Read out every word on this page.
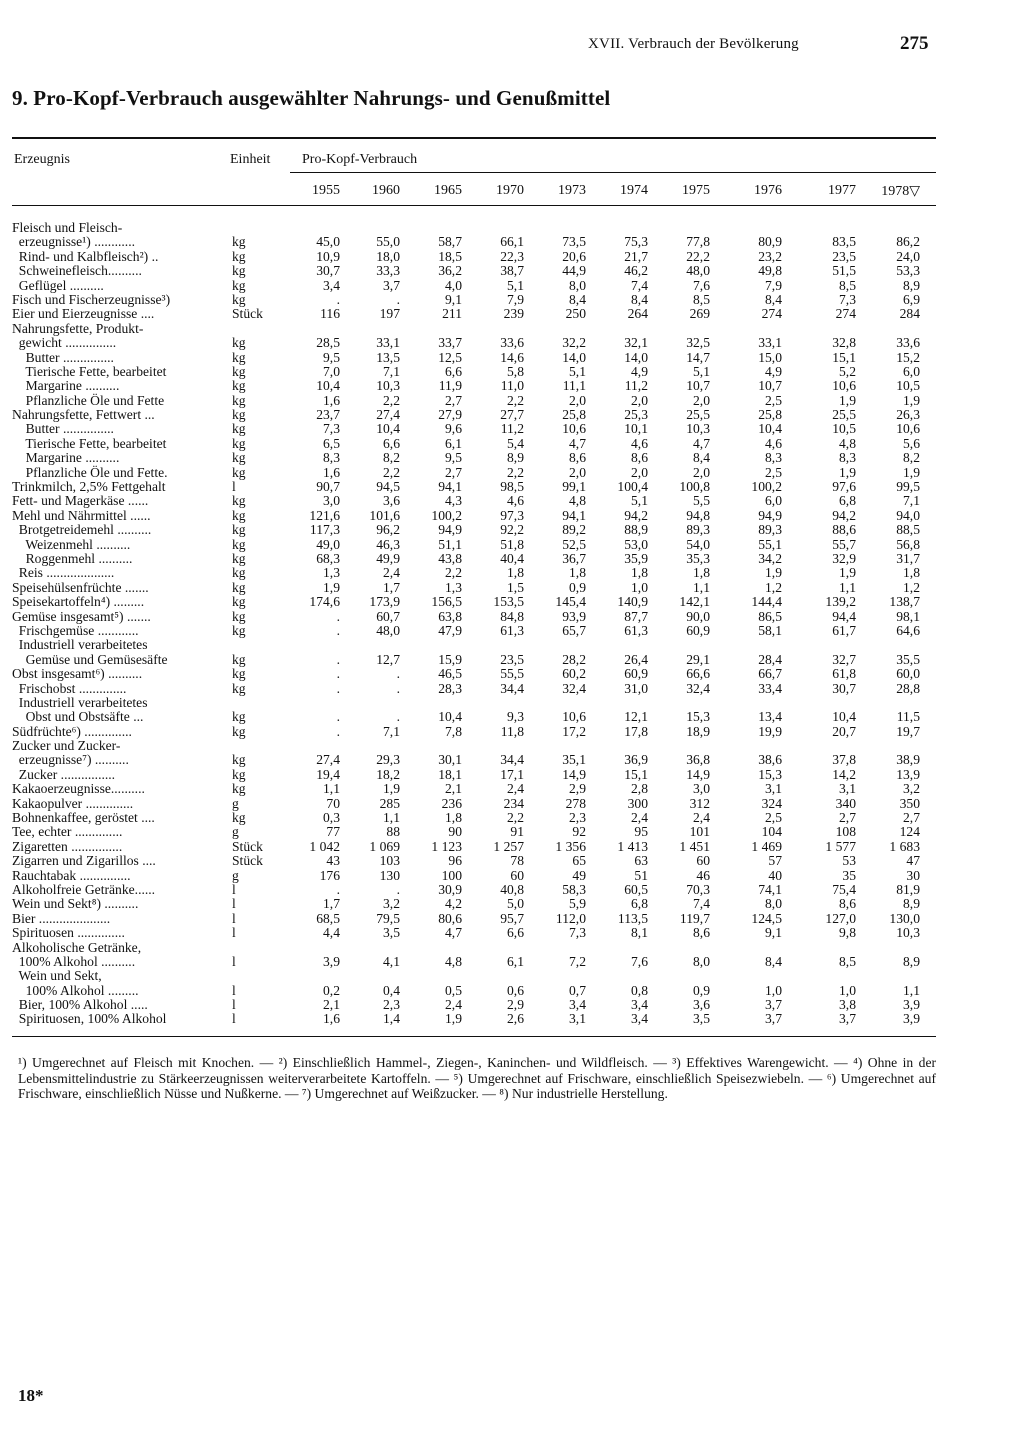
XVII. Verbrauch der Bevölkerung	275
9. Pro-Kopf-Verbrauch ausgewählter Nahrungs- und Genußmittel
Erzeugnis	Einheit Pro-Kopf-Verbrauch
1955	1960	1965	1970	1973	1974	1975	1976	1977 1978▽
Fleisch und Fleisch-
erzeugnisse¹) ............	kg	45,0	55,0	58,7	66,1	73,5	75,3	77,8	80,9	83,5	86,2
Rind- und Kalbfleisch²) ..	kg	10,9	18,0	18,5	22,3	20,6	21,7	22,2	23,2	23,5	24,0
Schweinefleisch..........	kg	30,7	33,3	36,2	38,7	44,9	46,2	48,0	49,8	51,5	53,3
Geflügel ..........	kg	3,4	3,7	4,0	5,1	8,0	7,4	7,6	7,9	8,5	8,9
Fisch und Fischerzeugnisse³)	kg	.	.	9,1	7,9	8,4	8,4	8,5	8,4	7,3	6,9
Eier und Eierzeugnisse ....	Stück	116	197	211	239	250	264	269	274	274	284
Nahrungsfette, Produkt-
gewicht ...............	kg	28,5	33,1	33,7	33,6	32,2	32,1	32,5	33,1	32,8	33,6
Butter ...............	kg	9,5	13,5	12,5	14,6	14,0	14,0	14,7	15,0	15,1	15,2
Tierische Fette, bearbeitet	kg	7,0	7,1	6,6	5,8	5,1	4,9	5,1	4,9	5,2	6,0
Margarine ..........	kg	10,4	10,3	11,9	11,0	11,1	11,2	10,7	10,7	10,6	10,5
Pflanzliche Öle und Fette	kg	1,6	2,2	2,7	2,2	2,0	2,0	2,0	2,5	1,9	1,9
Nahrungsfette, Fettwert ...	kg	23,7	27,4	27,9	27,7	25,8	25,3	25,5	25,8	25,5	26,3
Butter ...............	kg	7,3	10,4	9,6	11,2	10,6	10,1	10,3	10,4	10,5	10,6
Tierische Fette, bearbeitet	kg	6,5	6,6	6,1	5,4	4,7	4,6	4,7	4,6	4,8	5,6
Margarine ..........	kg	8,3	8,2	9,5	8,9	8,6	8,6	8,4	8,3	8,3	8,2
Pflanzliche Öle und Fette.	kg	1,6	2,2	2,7	2,2	2,0	2,0	2,0	2,5	1,9	1,9
Trinkmilch, 2,5% Fettgehalt	l	90,7	94,5	94,1	98,5	99,1	100,4	100,8	100,2	97,6	99,5
Fett- und Magerkäse ......	kg	3,0	3,6	4,3	4,6	4,8	5,1	5,5	6,0	6,8	7,1
Mehl und Nährmittel ......	kg	121,6	101,6	100,2	97,3	94,1	94,2	94,8	94,9	94,2	94,0
Brotgetreidemehl ..........	kg	117,3	96,2	94,9	92,2	89,2	88,9	89,3	89,3	88,6	88,5
Weizenmehl ..........	kg	49,0	46,3	51,1	51,8	52,5	53,0	54,0	55,1	55,7	56,8
Roggenmehl ..........	kg	68,3	49,9	43,8	40,4	36,7	35,9	35,3	34,2	32,9	31,7
Reis ....................	kg	1,3	2,4	2,2	1,8	1,8	1,8	1,8	1,9	1,9	1,8
Speisehülsenfrüchte .......	kg	1,9	1,7	1,3	1,5	0,9	1,0	1,1	1,2	1,1	1,2
Speisekartoffeln⁴) .........	kg	174,6	173,9	156,5	153,5	145,4	140,9	142,1	144,4	139,2	138,7
Gemüse insgesamt⁵) .......	kg	.	60,7	63,8	84,8	93,9	87,7	90,0	86,5	94,4	98,1
Frischgemüse ............	kg	.	48,0	47,9	61,3	65,7	61,3	60,9	58,1	61,7	64,6
Industriell verarbeitetes
Gemüse und Gemüsesäfte	kg	.	12,7	15,9	23,5	28,2	26,4	29,1	28,4	32,7	35,5
Obst insgesamt⁶) ..........	kg	.	.	46,5	55,5	60,2	60,9	66,6	66,7	61,8	60,0
Frischobst ..............	kg	.	.	28,3	34,4	32,4	31,0	32,4	33,4	30,7	28,8
Industriell verarbeitetes
Obst und Obstsäfte ...	kg	.	.	10,4	9,3	10,6	12,1	15,3	13,4	10,4	11,5
Südfrüchte⁶) ..............	kg	.	7,1	7,8	11,8	17,2	17,8	18,9	19,9	20,7	19,7
Zucker und Zucker-
erzeugnisse⁷) ..........	kg	27,4	29,3	30,1	34,4	35,1	36,9	36,8	38,6	37,8	38,9
Zucker ................	kg	19,4	18,2	18,1	17,1	14,9	15,1	14,9	15,3	14,2	13,9
Kakaoerzeugnisse..........	kg	1,1	1,9	2,1	2,4	2,9	2,8	3,0	3,1	3,1	3,2
Kakaopulver ..............	g	70	285	236	234	278	300	312	324	340	350
Bohnenkaffee, geröstet ....	kg	0,3	1,1	1,8	2,2	2,3	2,4	2,4	2,5	2,7	2,7
Tee, echter ..............	g	77	88	90	91	92	95	101	104	108	124
Zigaretten ...............	Stück	1 042	1 069	1 123	1 257	1 356	1 413	1 451	1 469	1 577	1 683
Zigarren und Zigarillos ....	Stück	43	103	96	78	65	63	60	57	53	47
Rauchtabak ...............	g	176	130	100	60	49	51	46	40	35	30
Alkoholfreie Getränke......	l	.	.	30,9	40,8	58,3	60,5	70,3	74,1	75,4	81,9
Wein und Sekt⁸) ..........	l	1,7	3,2	4,2	5,0	5,9	6,8	7,4	8,0	8,6	8,9
Bier .....................	l	68,5	79,5	80,6	95,7	112,0	113,5	119,7	124,5	127,0	130,0
Spirituosen ..............	l	4,4	3,5	4,7	6,6	7,3	8,1	8,6	9,1	9,8	10,3
Alkoholische Getränke,
100% Alkohol ..........	l	3,9	4,1	4,8	6,1	7,2	7,6	8,0	8,4	8,5	8,9
Wein und Sekt,
100% Alkohol .........	l	0,2	0,4	0,5	0,6	0,7	0,8	0,9	1,0	1,0	1,1
Bier, 100% Alkohol .....	l	2,1	2,3	2,4	2,9	3,4	3,4	3,6	3,7	3,8	3,9
Spirituosen, 100% Alkohol	l	1,6	1,4	1,9	2,6	3,1	3,4	3,5	3,7	3,7	3,9
¹) Umgerechnet auf Fleisch mit Knochen. — ²) Einschließlich Hammel-, Ziegen-, Kaninchen- und Wildfleisch. — ³) Effektives Warengewicht. — ⁴) Ohne in der Lebensmittelindustrie zu Stärkeerzeugnissen weiterverarbeitete Kartoffeln. — ⁵) Umgerechnet auf Frischware, einschließlich Speisezwiebeln. — ⁶) Umgerechnet auf Frischware, einschließlich Nüsse und Nußkerne. — ⁷) Umgerechnet auf Weißzucker. — ⁸) Nur industrielle Herstellung.
18*
